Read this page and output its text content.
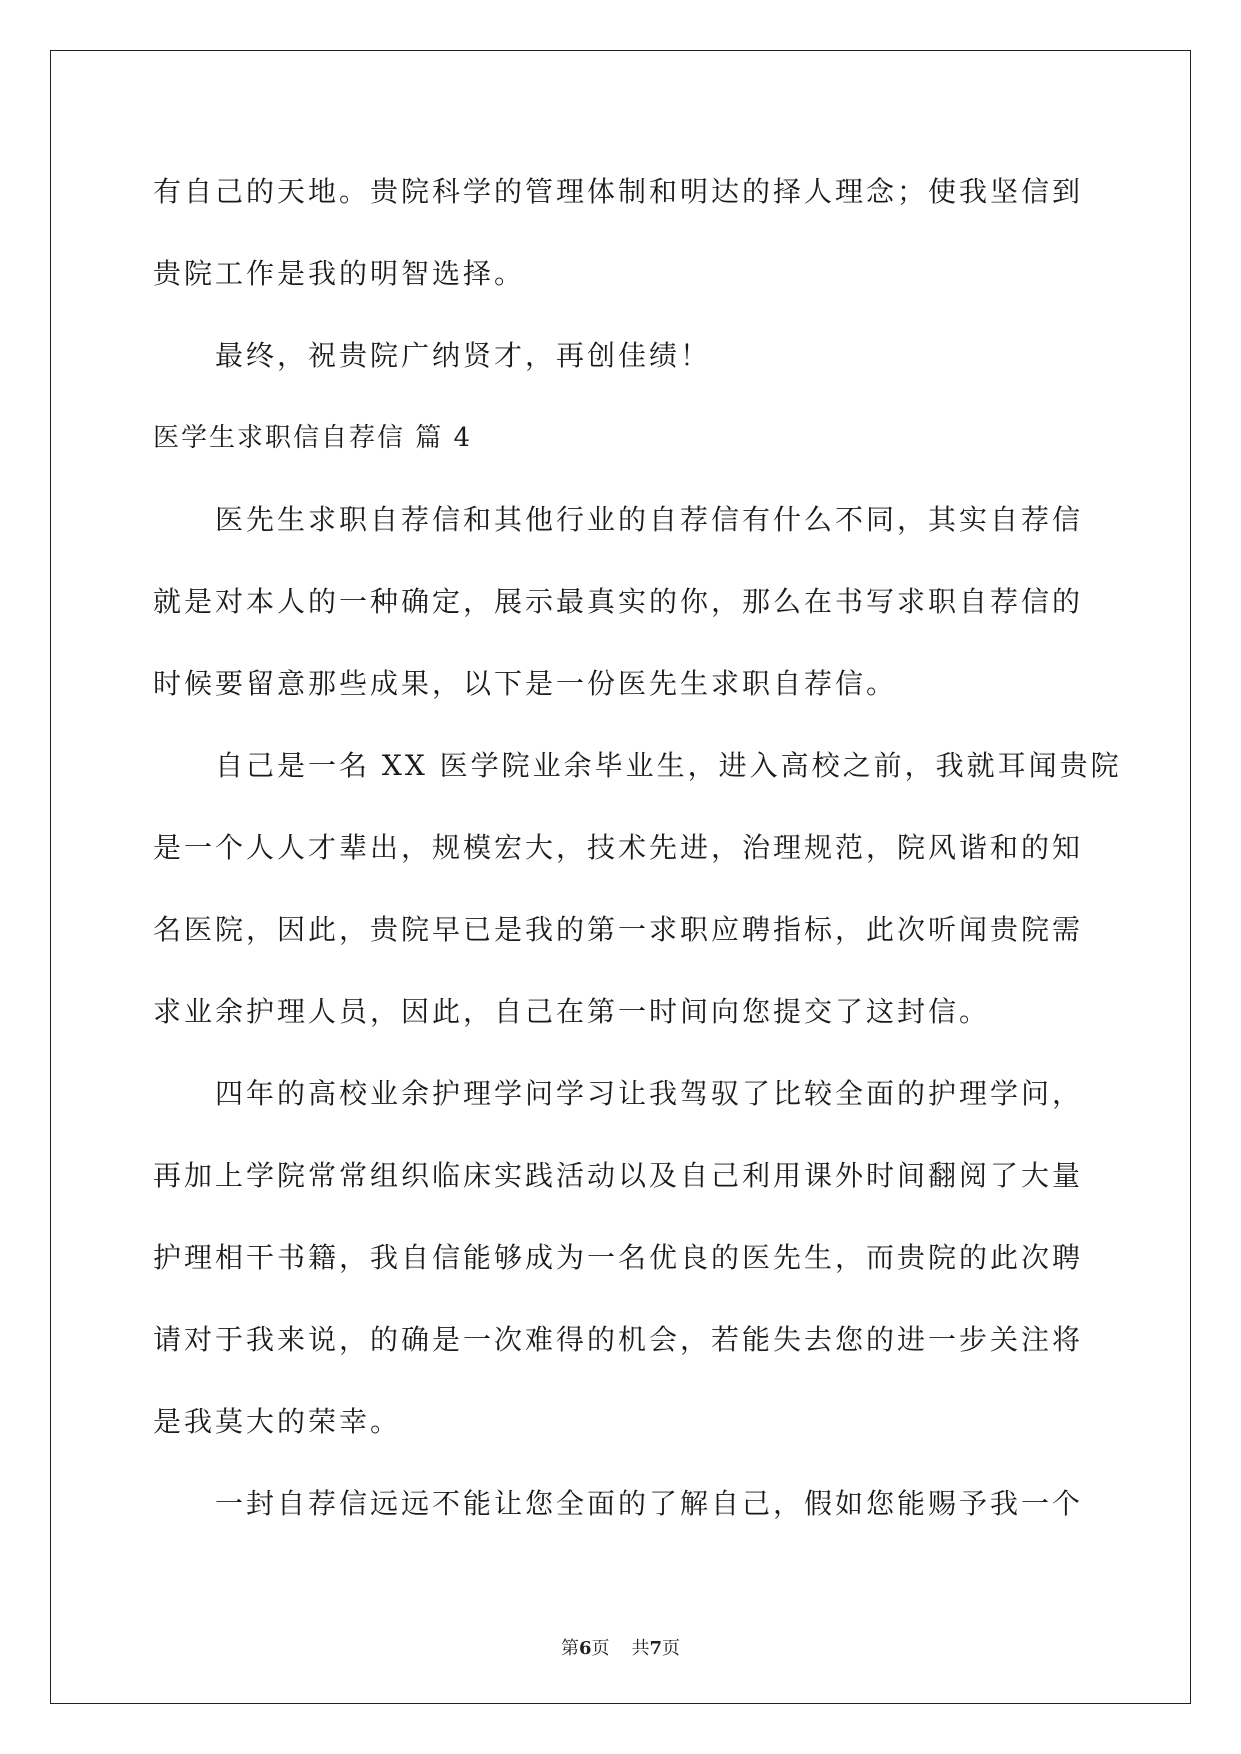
有自己的天地。贵院科学的管理体制和明达的择人理念；使我坚信到
贵院工作是我的明智选择。
最终，祝贵院广纳贤才，再创佳绩！
医学生求职信自荐信 篇 4
医先生求职自荐信和其他行业的自荐信有什么不同，其实自荐信
就是对本人的一种确定，展示最真实的你，那么在书写求职自荐信的
时候要留意那些成果，以下是一份医先生求职自荐信。
自己是一名 XX 医学院业余毕业生，进入高校之前，我就耳闻贵院
是一个人人才辈出，规模宏大，技术先进，治理规范，院风谐和的知
名医院，因此，贵院早已是我的第一求职应聘指标，此次听闻贵院需
求业余护理人员，因此，自己在第一时间向您提交了这封信。
四年的高校业余护理学问学习让我驾驭了比较全面的护理学问，
再加上学院常常组织临床实践活动以及自己利用课外时间翻阅了大量
护理相干书籍，我自信能够成为一名优良的医先生，而贵院的此次聘
请对于我来说，的确是一次难得的机会，若能失去您的进一步关注将
是我莫大的荣幸。
一封自荐信远远不能让您全面的了解自己，假如您能赐予我一个
第6页 共7页
